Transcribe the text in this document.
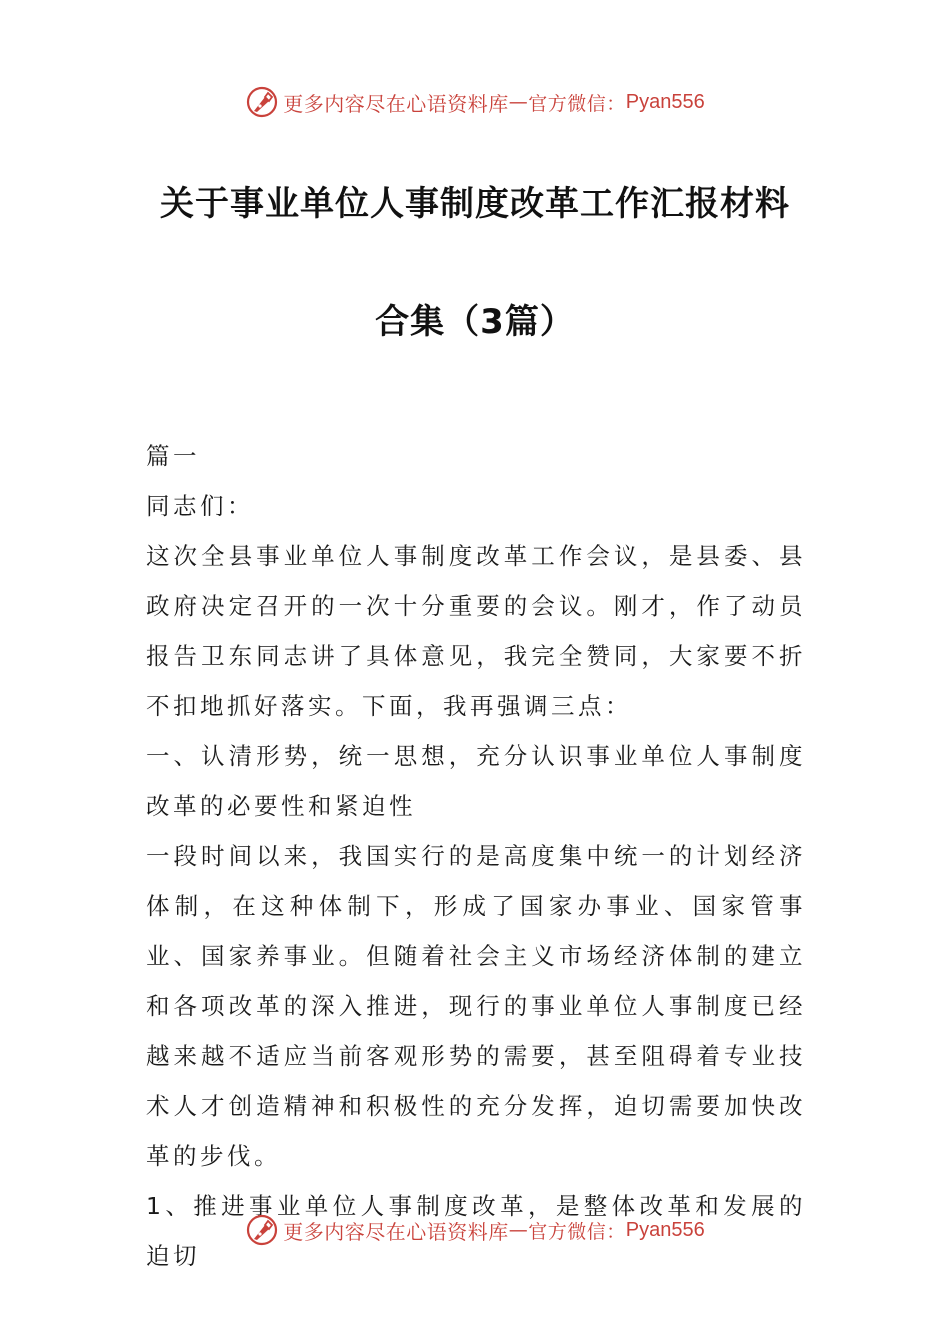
更多内容尽在心语资料库 — 官方微信： Pyan556
关于事业单位人事制度改革工作汇报材料
合集（3篇）

篇一

同志们：

这次全县事业单位人事制度改革工作会议，是县委、县政府决定召开的一次十分重要的会议。刚才，作了动员报告卫东同志讲了具体意见，我完全赞同，大家要不折不扣地抓好落实。下面，我再强调三点：

一、认清形势，统一思想，充分认识事业单位人事制度改革的必要性和紧迫性

一段时间以来，我国实行的是高度集中统一的计划经济体制，在这种体制下，形成了国家办事业、国家管事业、国家养事业。但随着社会主义市场经济体制的建立和各项改革的深入推进，现行的事业单位人事制度已经越来越不适应当前客观形势的需要，甚至阻碍着专业技术人才创造精神和积极性的充分发挥，迫切需要加快改革的步伐。

1、推进事业单位人事制度改革，是整体改革和发展的迫切

更多内容尽在心语资料库 — 官方微信： Pyan556
